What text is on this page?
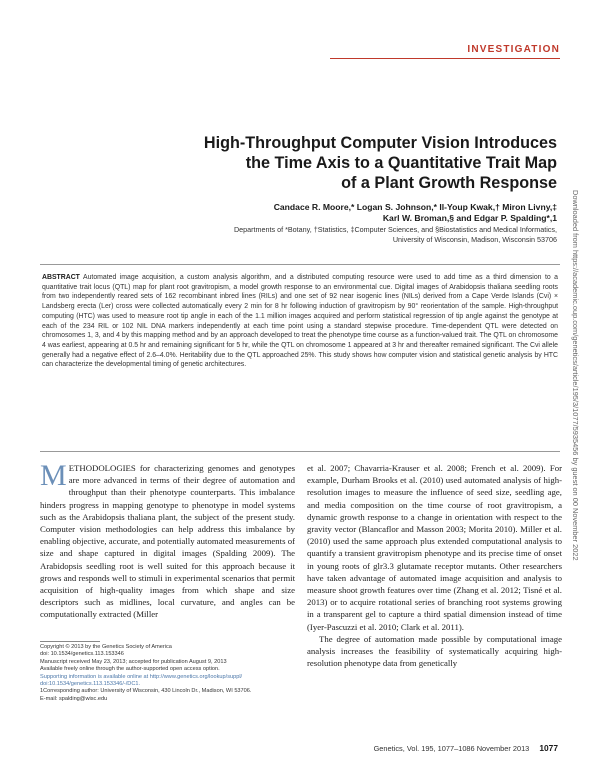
INVESTIGATION
High-Throughput Computer Vision Introduces
the Time Axis to a Quantitative Trait Map
of a Plant Growth Response
Candace R. Moore,* Logan S. Johnson,* Il-Youp Kwak,† Miron Livny,‡
Karl W. Broman,§ and Edgar P. Spalding*,1
Departments of *Botany, †Statistics, ‡Computer Sciences, and §Biostatistics and Medical Informatics,
University of Wisconsin, Madison, Wisconsin 53706 Downloaded from https://academic.oup.com/genetics/article/195/3/1077/5935456 by guest on 00 November 2022

ABSTRACT Automated image acquisition, a custom analysis algorithm, and a distributed computing resource were used to add time as a third dimension to a quantitative trait locus (QTL) map for plant root gravitropism, a model growth response to an environmental cue. Digital images of Arabidopsis thaliana seedling roots from two independently reared sets of 162 recombinant inbred lines (RILs) and one set of 92 near isogenic lines (NILs) derived from a Cape Verde Islands (Cvi) × Landsberg erecta (Ler) cross were collected automatically every 2 min for 8 hr following induction of gravitropism by 90° reorientation of the sample. High-throughput computing (HTC) was used to measure root tip angle in each of the 1.1 million images acquired and perform statistical regression of tip angle against the genotype at each of the 234 RIL or 102 NIL DNA markers independently at each time point using a standard stepwise procedure. Time-dependent QTL were detected on chromosomes 1, 3, and 4 by this mapping method and by an approach developed to treat the phenotype time course as a function-valued trait. The QTL on chromosome 4 was earliest, appearing at 0.5 hr and remaining significant for 5 hr, while the QTL on chromosome 1 appeared at 3 hr and thereafter remained significant. The Cvi allele generally had a negative effect of 2.6–4.0%. Heritability due to the QTL approached 25%. This study shows how computer vision and statistical genetic analysis by HTC can characterize the developmental timing of genetic architectures.

M ETHODOLOGIES for characterizing genomes and genotypes are more advanced in terms of their degree of automation and throughput than their phenotype counterparts. This imbalance hinders progress in mapping genotype to phenotype in model systems such as the Arabidopsis thaliana plant, the subject of the present study. Computer vision methodologies can help address this imbalance by enabling objective, accurate, and potentially automated measurements of size and shape captured in digital images (Spalding 2009). The Arabidopsis seedling root is well suited for this approach because it grows and responds well to stimuli in experimental scenarios that permit acquisition of high-quality images from which shape and size descriptors such as midlines, local curvature, and angles can be computationally extracted (Miller

et al. 2007; Chavarria-Krauser et al. 2008; French et al. 2009). For example, Durham Brooks et al. (2010) used automated analysis of high-resolution images to measure the influence of seed size, seedling age, and media composition on the time course of root gravitropism, a dynamic growth response to a change in orientation with respect to the gravity vector (Blancaflor and Masson 2003; Morita 2010). Miller et al. (2010) used the same approach plus extended computational analysis to quantify a transient gravitropism phenotype and its precise time of onset in young roots of glr3.3 glutamate receptor mutants. Other researchers have taken advantage of automated image acquisition and analysis to measure shoot growth features over time (Zhang et al. 2012; Tisné et al. 2013) or to acquire rotational series of branching root systems growing in a transparent gel to capture a third spatial dimension instead of time (Iyer-Pascuzzi et al. 2010; Clark et al. 2011).

The degree of automation made possible by computational image analysis increases the feasibility of systematically acquiring high-resolution phenotype data from genetically

Copyright © 2013 by the Genetics Society of America
doi: 10.1534/genetics.113.153346
Manuscript received May 23, 2013; accepted for publication August 9, 2013
Available freely online through the author-supported open access option.
Supporting information is available online at http://www.genetics.org/lookup/suppl/
doi:10.1534/genetics.113.153346/-/DC1.
1Corresponding author: University of Wisconsin, 430 Lincoln Dr., Madison, WI 53706.
E-mail: spalding@wisc.edu
Genetics, Vol. 195, 1077–1086 November 2013 1077
